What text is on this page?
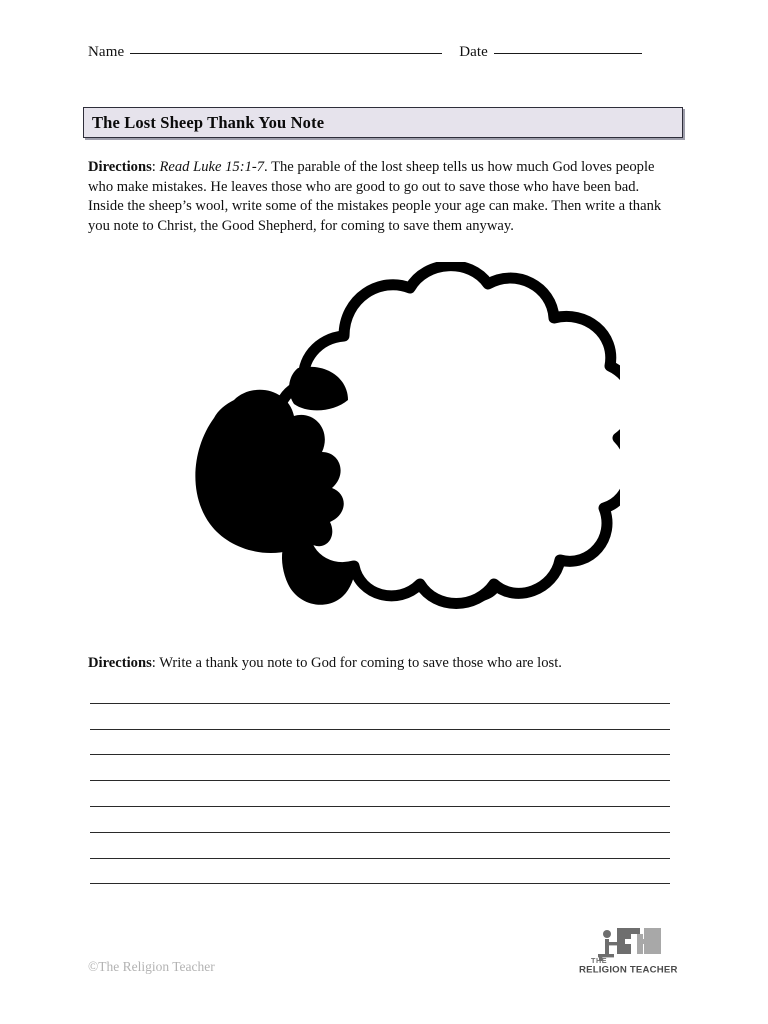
Name	Date
The Lost Sheep Thank You Note
Directions: Read Luke 15:1-7. The parable of the lost sheep tells us how much God loves people who make mistakes. He leaves those who are good to go out to save those who have been bad. Inside the sheep’s wool, write some of the mistakes people your age can make. Then write a thank you note to Christ, the Good Shepherd, for coming to save them anyway.
Directions: Write a thank you note to God for coming to save those who are lost.
©The Religion Teacher	THE
RELIGION TEACHER
